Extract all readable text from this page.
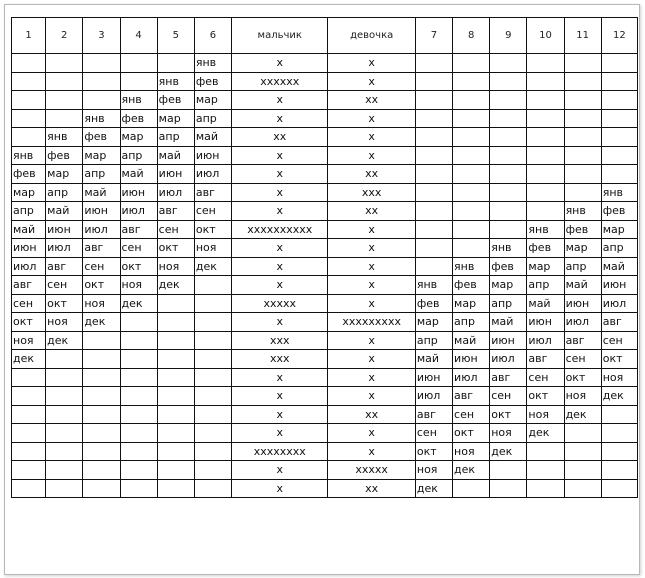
1	2	3	4	5	6	мальчик	девочка	7	8	9	10	11	12
					янв	x	x						
				янв	фев	xxxxxx	x						
			янв	фев	мар	x	xx						
		янв	фев	мар	апр	x	x						
	янв	фев	мар	апр	май	xx	x						
янв	фев	мар	апр	май	июн	x	x						
фев	мар	апр	май	июн	июл	x	xx						
мар	апр	май	июн	июл	авг	x	xxx						янв
апр	май	июн	июл	авг	сен	x	xx					янв	фев
май	июн	июл	авг	сен	окт	xxxxxxxxxx	x				янв	фев	мар
июн	июл	авг	сен	окт	ноя	x	x			янв	фев	мар	апр
июл	авг	сен	окт	ноя	дек	x	x		янв	фев	мар	апр	май
авг	сен	окт	ноя	дек		x	x	янв	фев	мар	апр	май	июн
сен	окт	ноя	дек			xxxxx	x	фев	мар	апр	май	июн	июл
окт	ноя	дек				x	xxxxxxxxx	мар	апр	май	июн	июл	авг
ноя	дек					xxx	x	апр	май	июн	июл	авг	сен
дек						xxx	x	май	июн	июл	авг	сен	окт
						x	x	июн	июл	авг	сен	окт	ноя
						x	x	июл	авг	сен	окт	ноя	дек
						x	xx	авг	сен	окт	ноя	дек	
						x	x	сен	окт	ноя	дек		
						xxxxxxxx	x	окт	ноя	дек			
						x	xxxxx	ноя	дек				
						x	xx	дек					
